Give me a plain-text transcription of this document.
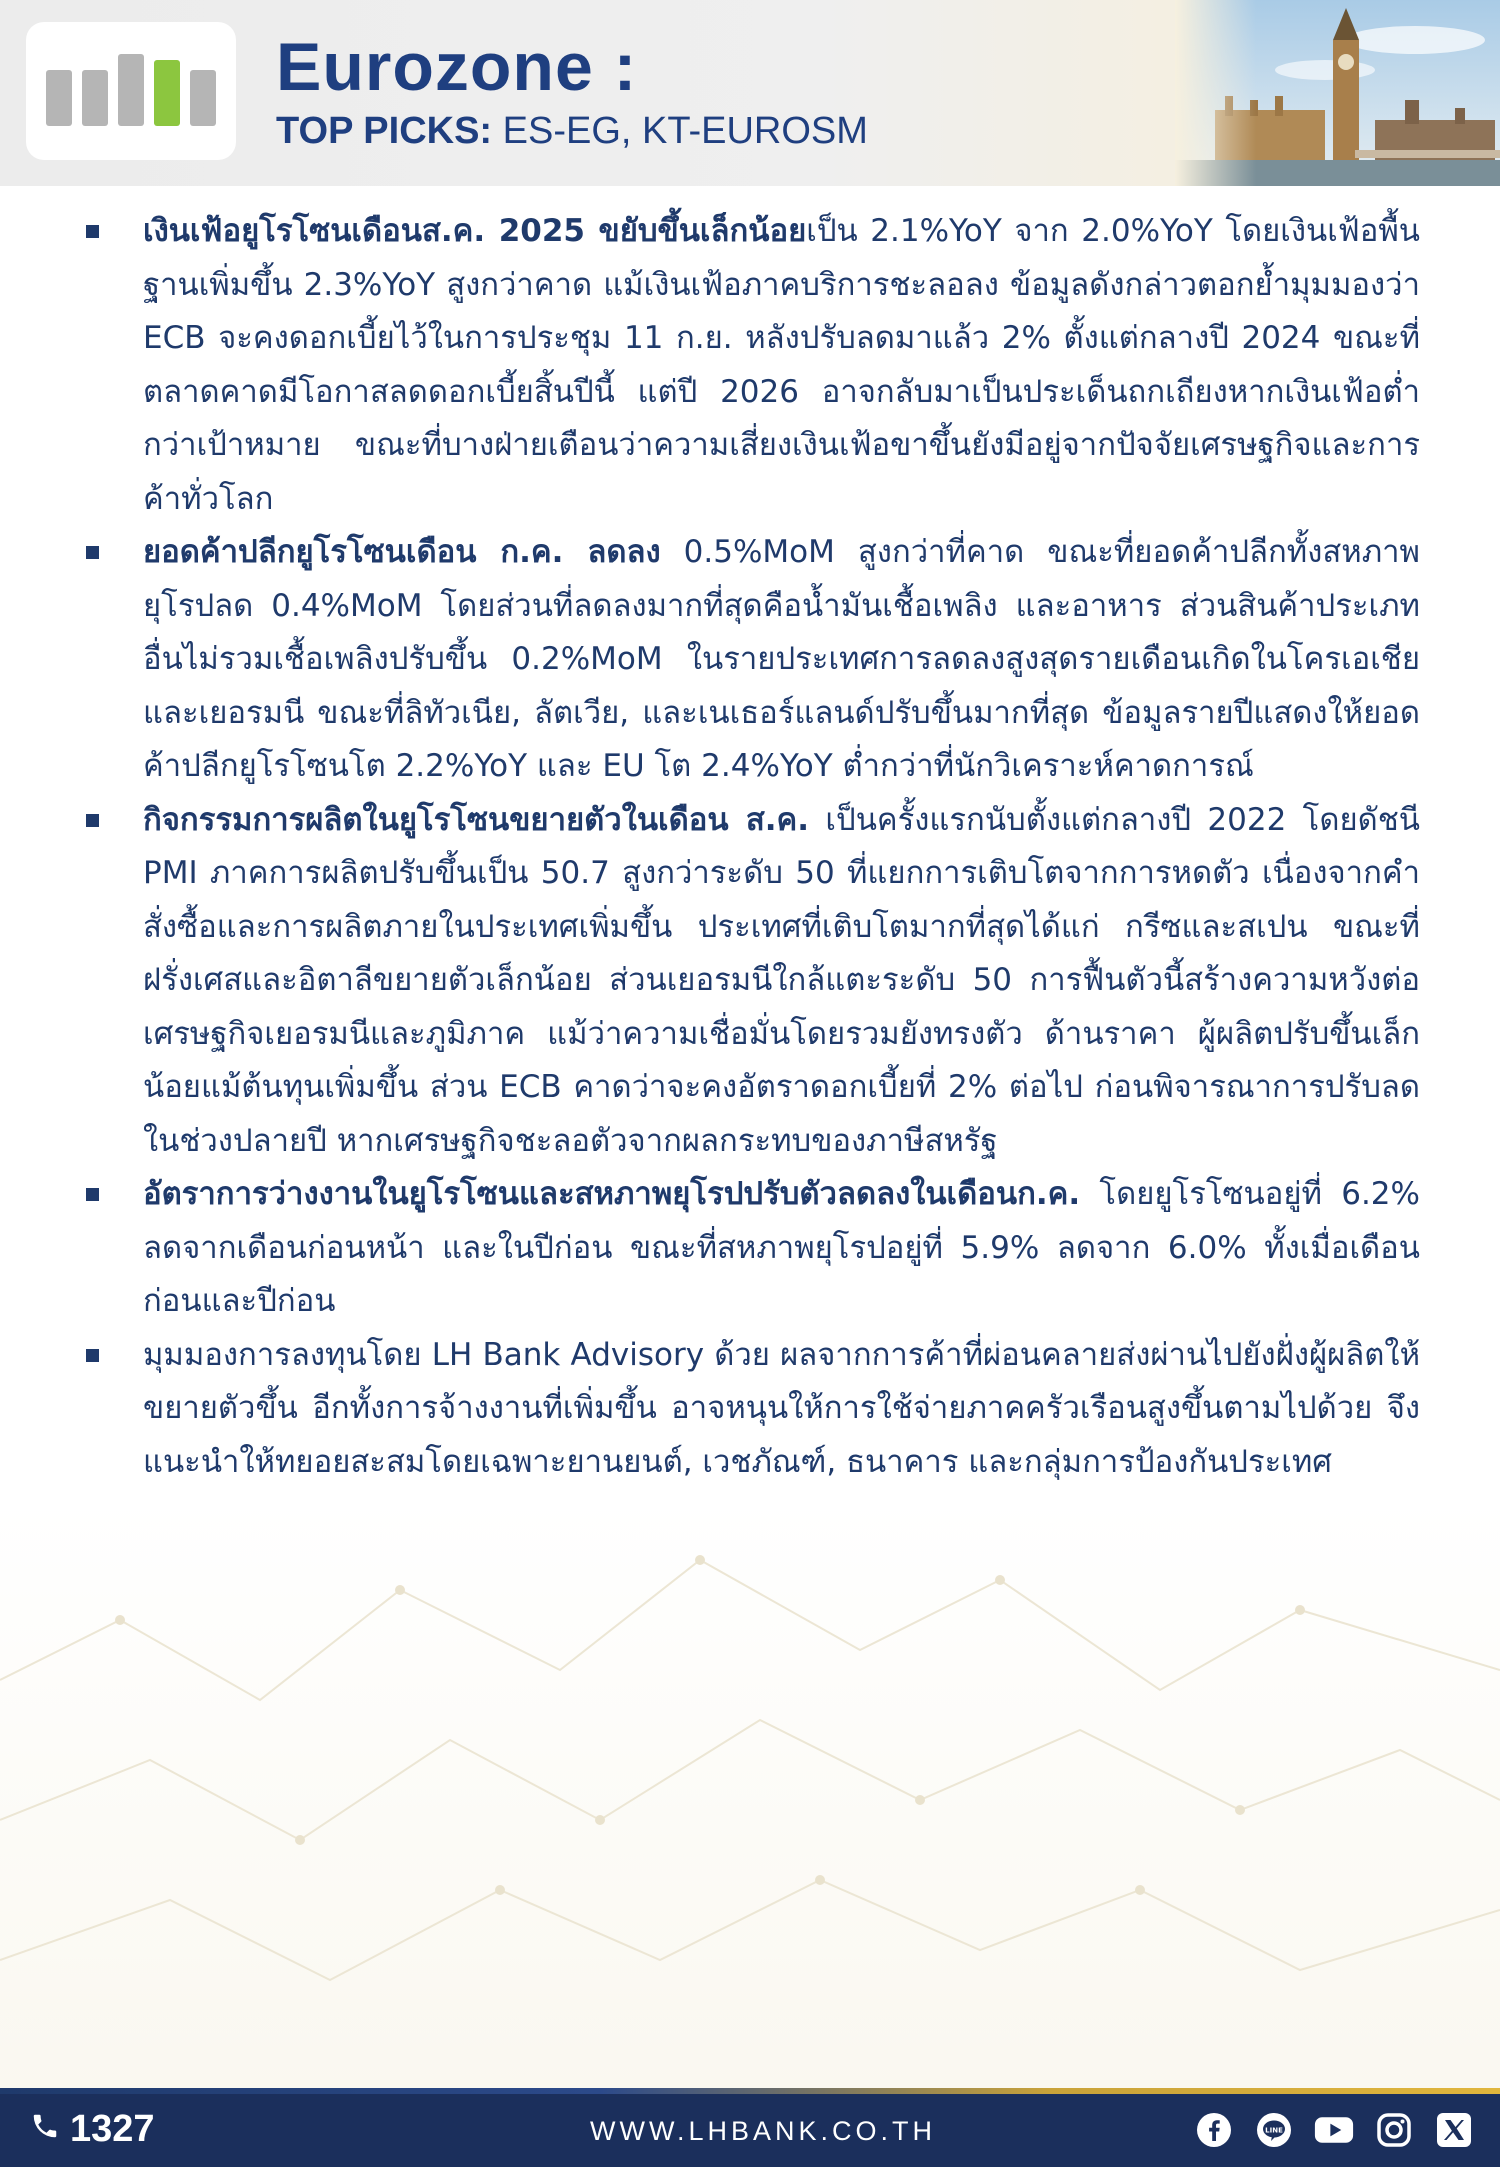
Eurozone :
TOP PICKS: ES-EG, KT-EUROSM

เงินเฟ้อยูโรโซนเดือนส.ค. 2025 ขยับขึ้นเล็กน้อยเป็น 2.1%YoY จาก 2.0%YoY โดยเงินเฟ้อพื้นฐานเพิ่มขึ้น 2.3%YoY สูงกว่าคาด แม้เงินเฟ้อภาคบริการชะลอลง ข้อมูลดังกล่าวตอกย้ำมุมมองว่า ECB จะคงดอกเบี้ยไว้ในการประชุม 11 ก.ย. หลังปรับลดมาแล้ว 2% ตั้งแต่กลางปี 2024 ขณะที่ตลาดคาดมีโอกาสลดดอกเบี้ยสิ้นปีนี้ แต่ปี 2026 อาจกลับมาเป็นประเด็นถกเถียงหากเงินเฟ้อต่ำกว่าเป้าหมาย ขณะที่บางฝ่ายเตือนว่าความเสี่ยงเงินเฟ้อขาขึ้นยังมีอยู่จากปัจจัยเศรษฐกิจและการค้าทั่วโลก

ยอดค้าปลีกยูโรโซนเดือน ก.ค. ลดลง 0.5%MoM สูงกว่าที่คาด ขณะที่ยอดค้าปลีกทั้งสหภาพยุโรปลด 0.4%MoM โดยส่วนที่ลดลงมากที่สุดคือน้ำมันเชื้อเพลิง และอาหาร ส่วนสินค้าประเภทอื่นไม่รวมเชื้อเพลิงปรับขึ้น 0.2%MoM ในรายประเทศการลดลงสูงสุดรายเดือนเกิดในโครเอเชียและเยอรมนี ขณะที่ลิทัวเนีย, ลัตเวีย, และเนเธอร์แลนด์ปรับขึ้นมากที่สุด ข้อมูลรายปีแสดงให้ยอดค้าปลีกยูโรโซนโต 2.2%YoY และ EU โต 2.4%YoY ต่ำกว่าที่นักวิเคราะห์คาดการณ์

กิจกรรมการผลิตในยูโรโซนขยายตัวในเดือน ส.ค. เป็นครั้งแรกนับตั้งแต่กลางปี 2022 โดยดัชนี PMI ภาคการผลิตปรับขึ้นเป็น 50.7 สูงกว่าระดับ 50 ที่แยกการเติบโตจากการหดตัว เนื่องจากคำสั่งซื้อและการผลิตภายในประเทศเพิ่มขึ้น ประเทศที่เติบโตมากที่สุดได้แก่ กรีซและสเปน ขณะที่ฝรั่งเศสและอิตาลีขยายตัวเล็กน้อย ส่วนเยอรมนีใกล้แตะระดับ 50 การฟื้นตัวนี้สร้างความหวังต่อเศรษฐกิจเยอรมนีและภูมิภาค แม้ว่าความเชื่อมั่นโดยรวมยังทรงตัว ด้านราคา ผู้ผลิตปรับขึ้นเล็กน้อยแม้ต้นทุนเพิ่มขึ้น ส่วน ECB คาดว่าจะคงอัตราดอกเบี้ยที่ 2% ต่อไป ก่อนพิจารณาการปรับลดในช่วงปลายปี หากเศรษฐกิจชะลอตัวจากผลกระทบของภาษีสหรัฐ

อัตราการว่างงานในยูโรโซนและสหภาพยุโรปปรับตัวลดลงในเดือนก.ค. โดยยูโรโซนอยู่ที่ 6.2% ลดจากเดือนก่อนหน้า และในปีก่อน ขณะที่สหภาพยุโรปอยู่ที่ 5.9% ลดจาก 6.0% ทั้งเมื่อเดือนก่อนและปีก่อน

มุมมองการลงทุนโดย LH Bank Advisory ด้วย ผลจากการค้าที่ผ่อนคลายส่งผ่านไปยังฝั่งผู้ผลิตให้ขยายตัวขึ้น อีกทั้งการจ้างงานที่เพิ่มขึ้น อาจหนุนให้การใช้จ่ายภาคครัวเรือนสูงขึ้นตามไปด้วย จึงแนะนำให้ทยอยสะสมโดยเฉพาะยานยนต์, เวชภัณฑ์, ธนาคาร และกลุ่มการป้องกันประเทศ

1327	WWW.LHBANK.CO.TH	LINE
